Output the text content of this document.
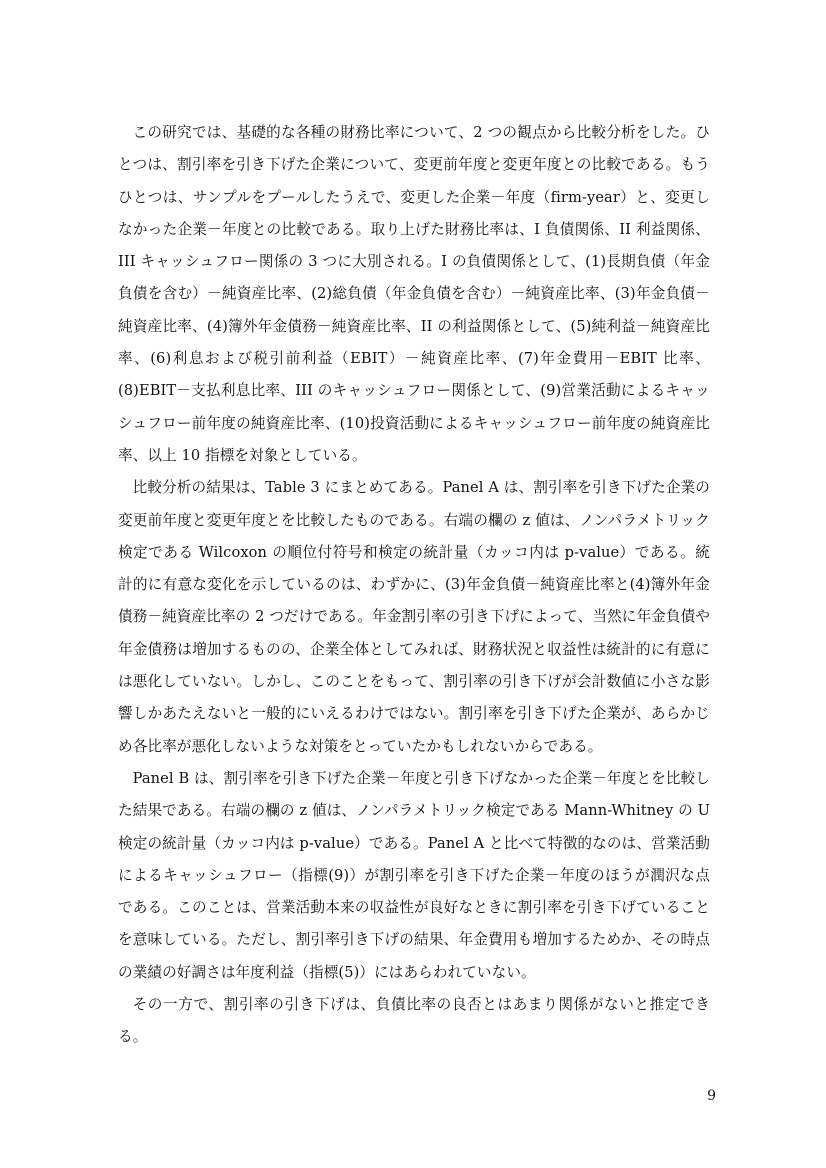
この研究では、基礎的な各種の財務比率について、2 つの観点から比較分析をした。ひとつは、割引率を引き下げた企業について、変更前年度と変更年度との比較である。もうひとつは、サンプルをプールしたうえで、変更した企業－年度（firm-year）と、変更しなかった企業－年度との比較である。取り上げた財務比率は、I 負債関係、II 利益関係、III キャッシュフロー関係の 3 つに大別される。I の負債関係として、(1)長期負債（年金負債を含む）－純資産比率、(2)総負債（年金負債を含む）－純資産比率、(3)年金負債－純資産比率、(4)簿外年金債務－純資産比率、II の利益関係として、(5)純利益－純資産比率、(6)利息および税引前利益（EBIT）－純資産比率、(7)年金費用－EBIT 比率、(8)EBIT－支払利息比率、III のキャッシュフロー関係として、(9)営業活動によるキャッシュフロー前年度の純資産比率、(10)投資活動によるキャッシュフロー前年度の純資産比率、以上 10 指標を対象としている。

比較分析の結果は、Table 3 にまとめてある。Panel A は、割引率を引き下げた企業の変更前年度と変更年度とを比較したものである。右端の欄の z 値は、ノンパラメトリック検定である Wilcoxon の順位付符号和検定の統計量（カッコ内は p-value）である。統計的に有意な変化を示しているのは、わずかに、(3)年金負債－純資産比率と(4)簿外年金債務－純資産比率の 2 つだけである。年金割引率の引き下げによって、当然に年金負債や年金債務は増加するものの、企業全体としてみれば、財務状況と収益性は統計的に有意には悪化していない。しかし、このことをもって、割引率の引き下げが会計数値に小さな影響しかあたえないと一般的にいえるわけではない。割引率を引き下げた企業が、あらかじめ各比率が悪化しないような対策をとっていたかもしれないからである。

Panel B は、割引率を引き下げた企業－年度と引き下げなかった企業－年度とを比較した結果である。右端の欄の z 値は、ノンパラメトリック検定である Mann-Whitney の U 検定の統計量（カッコ内は p-value）である。Panel A と比べて特徴的なのは、営業活動によるキャッシュフロー（指標(9)）が割引率を引き下げた企業－年度のほうが潤沢な点である。このことは、営業活動本来の収益性が良好なときに割引率を引き下げていることを意味している。ただし、割引率引き下げの結果、年金費用も増加するためか、その時点の業績の好調さは年度利益（指標(5)）にはあらわれていない。

その一方で、割引率の引き下げは、負債比率の良否とはあまり関係がないと推定できる。

9
